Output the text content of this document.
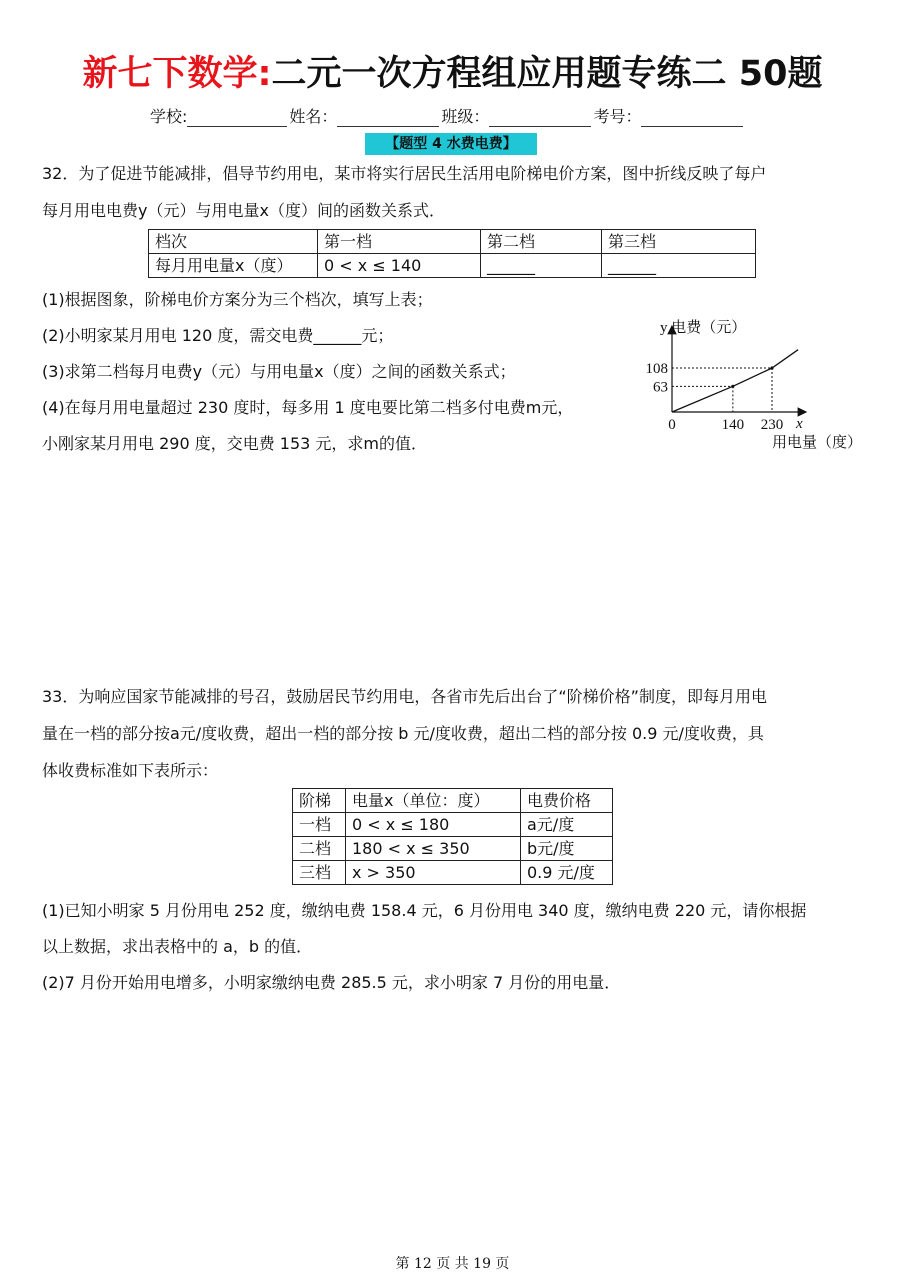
新七下数学:二元一次方程组应用题专练二 50题
学校:	姓名：	班级：	考号：
【题型 4 水费电费】
32．为了促进节能减排，倡导节约用电，某市将实行居民生活用电阶梯电价方案，图中折线反映了每户
每月用电电费y（元）与用电量x（度）间的函数关系式．
档次	第一档	第二档	第三档
每月用电量x（度）	0 < x ≤ 140	______	______
(1)根据图象，阶梯电价方案分为三个档次，填写上表；
(2)小明家某月用电 120 度，需交电费______元；
(3)求第二档每月电费y（元）与用电量x（度）之间的函数关系式；
(4)在每月用电量超过 230 度时，每多用 1 度电要比第二档多付电费m元，
小刚家某月用电 290 度，交电费 153 元，求m的值．
y 电费（元）
x
用电量（度）
108
63
0	140 230
33．为响应国家节能减排的号召，鼓励居民节约用电，各省市先后出台了“阶梯价格”制度，即每月用电
量在一档的部分按a元/度收费，超出一档的部分按 b 元/度收费，超出二档的部分按 0.9 元/度收费，具
体收费标准如下表所示：
阶梯	电量x（单位：度）	电费价格
一档	0 < x ≤ 180	a元/度
二档	180 < x ≤ 350	b元/度
三档	x > 350	0.9 元/度
(1)已知小明家 5 月份用电 252 度，缴纳电费 158.4 元，6 月份用电 340 度，缴纳电费 220 元，请你根据
以上数据，求出表格中的 a，b 的值．
(2)7 月份开始用电增多，小明家缴纳电费 285.5 元，求小明家 7 月份的用电量．
第 12 页 共 19 页
